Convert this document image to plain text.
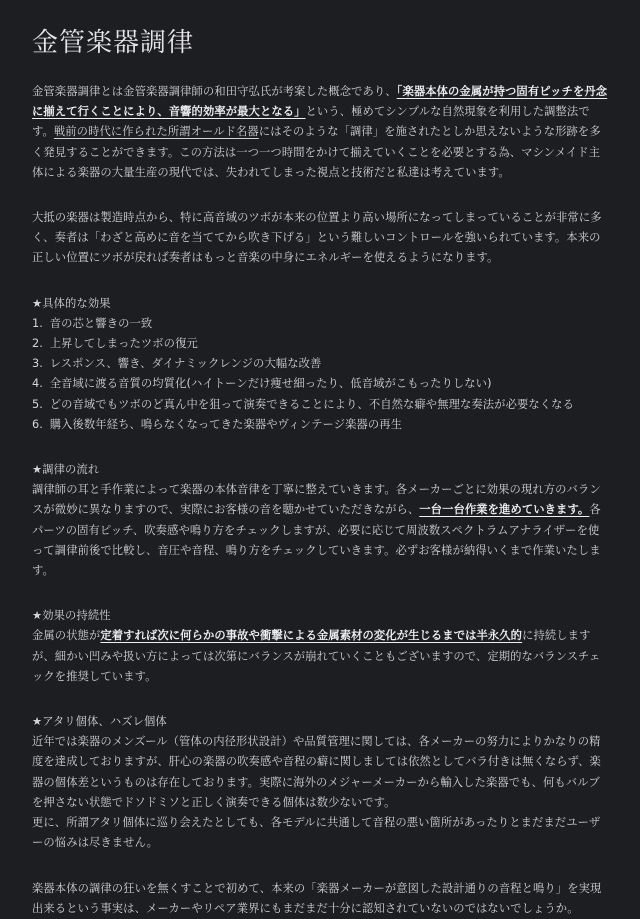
金管楽器調律

金管楽器調律とは金管楽器調律師の和田守弘氏が考案した概念であり、「楽器本体の金属が持つ固有ピッチを丹念に揃えて行くことにより、音響的効率が最大となる」という、極めてシンプルな自然現象を利用した調整法です。戦前の時代に作られた所謂オールド名器にはそのような「調律」を施されたとしか思えないような形跡を多く発見することができます。この方法は一つ一つ時間をかけて揃えていくことを必要とする為、マシンメイド主体による楽器の大量生産の現代では、失われてしまった視点と技術だと私達は考えています。

大抵の楽器は製造時点から、特に高音域のツボが本来の位置より高い場所になってしまっていることが非常に多く、奏者は「わざと高めに音を当ててから吹き下げる」という難しいコントロールを強いられています。本来の正しい位置にツボが戻れば奏者はもっと音楽の中身にエネルギーを使えるようになります。

★具体的な効果
1. 音の芯と響きの一致
2. 上昇してしまったツボの復元
3. レスポンス、響き、ダイナミックレンジの大幅な改善
4. 全音域に渡る音質の均質化(ハイトーンだけ痩せ細ったり、低音域がこもったりしない)
5. どの音域でもツボのど真ん中を狙って演奏できることにより、不自然な癖や無理な奏法が必要なくなる
6. 購入後数年経ち、鳴らなくなってきた楽器やヴィンテージ楽器の再生

★調律の流れ
調律師の耳と手作業によって楽器の本体音律を丁寧に整えていきます。各メーカーごとに効果の現れ方のバランスが微妙に異なりますので、実際にお客様の音を聴かせていただきながら、一台一台作業を進めていきます。各パーツの固有ピッチ、吹奏感や鳴り方をチェックしますが、必要に応じて周波数スペクトラムアナライザーを使って調律前後で比較し、音圧や音程、鳴り方をチェックしていきます。必ずお客様が納得いくまで作業いたします。

★効果の持続性
金属の状態が定着すれば次に何らかの事故や衝撃による金属素材の変化が生じるまでは半永久的に持続しますが、細かい凹みや扱い方によっては次第にバランスが崩れていくこともございますので、定期的なバランスチェックを推奨しています。

★アタリ個体、ハズレ個体
近年では楽器のメンズール（管体の内径形状設計）や品質管理に関しては、各メーカーの努力によりかなりの精度を達成しておりますが、肝心の楽器の吹奏感や音程の癖に関しましては依然としてバラ付きは無くならず、楽器の個体差というものは存在しております。実際に海外のメジャーメーカーから輸入した楽器でも、何もバルブを押さない状態でドソドミソと正しく演奏できる個体は数少ないです。
更に、所謂アタリ個体に巡り会えたとしても、各モデルに共通して音程の悪い箇所があったりとまだまだユーザーの悩みは尽きません。

楽器本体の調律の狂いを無くすことで初めて、本来の「楽器メーカーが意図した設計通りの音程と鳴り」を実現出来るという事実は、メーカーやリペア業界にもまだまだ十分に認知されていないのではないでしょうか。
